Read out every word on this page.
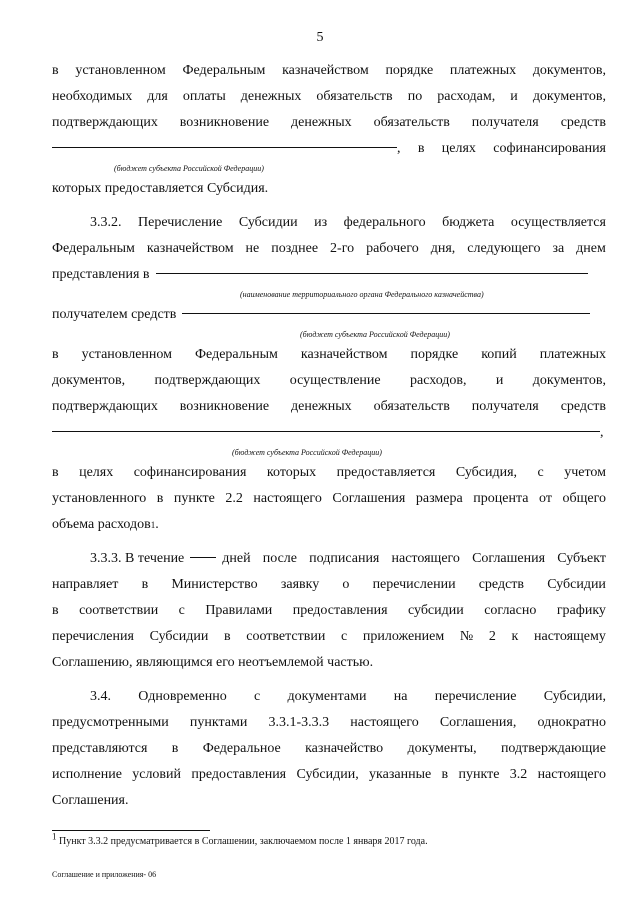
5
в установленном Федеральным казначейством порядке платежных документов,
необходимых для оплаты денежных обязательств по расходам, и документов,
подтверждающих возникновение денежных обязательств получателя средств
, в целях софинансирования
(бюджет субъекта Российской Федерации)
которых предоставляется Субсидия.
3.3.2. Перечисление Субсидии из федерального бюджета осуществляется
Федеральным казначейством не позднее 2-го рабочего дня, следующего за днем
представления в
(наименование территориального органа Федерального казначейства)
получателем средств
(бюджет субъекта Российской Федерации)
в установленном Федеральным казначейством порядке копий платежных
документов, подтверждающих осуществление расходов, и документов,
подтверждающих возникновение денежных обязательств получателя средств
,
(бюджет субъекта Российской Федерации)
в целях софинансирования которых предоставляется Субсидия, с учетом
установленного в пункте 2.2 настоящего Соглашения размера процента от общего
объема расходов 1 .
3.3.3. В течение	дней после подписания настоящего Соглашения Субъект
направляет в Министерство заявку о перечислении средств Субсидии
в соответствии с Правилами предоставления субсидии согласно графику
перечисления Субсидии в соответствии с приложением № 2 к настоящему
Соглашению, являющимся его неотъемлемой частью.
3.4. Одновременно с документами на перечисление Субсидии,
предусмотренными пунктами 3.3.1-3.3.3 настоящего Соглашения, однократно
представляются в Федеральное казначейство документы, подтверждающие
исполнение условий предоставления Субсидии, указанные в пункте 3.2 настоящего
Соглашения.
$^1$ Пункт 3.3.2 предусматривается в Соглашении, заключаемом после 1 января 2017 года.
Соглашение и приложения- 06
